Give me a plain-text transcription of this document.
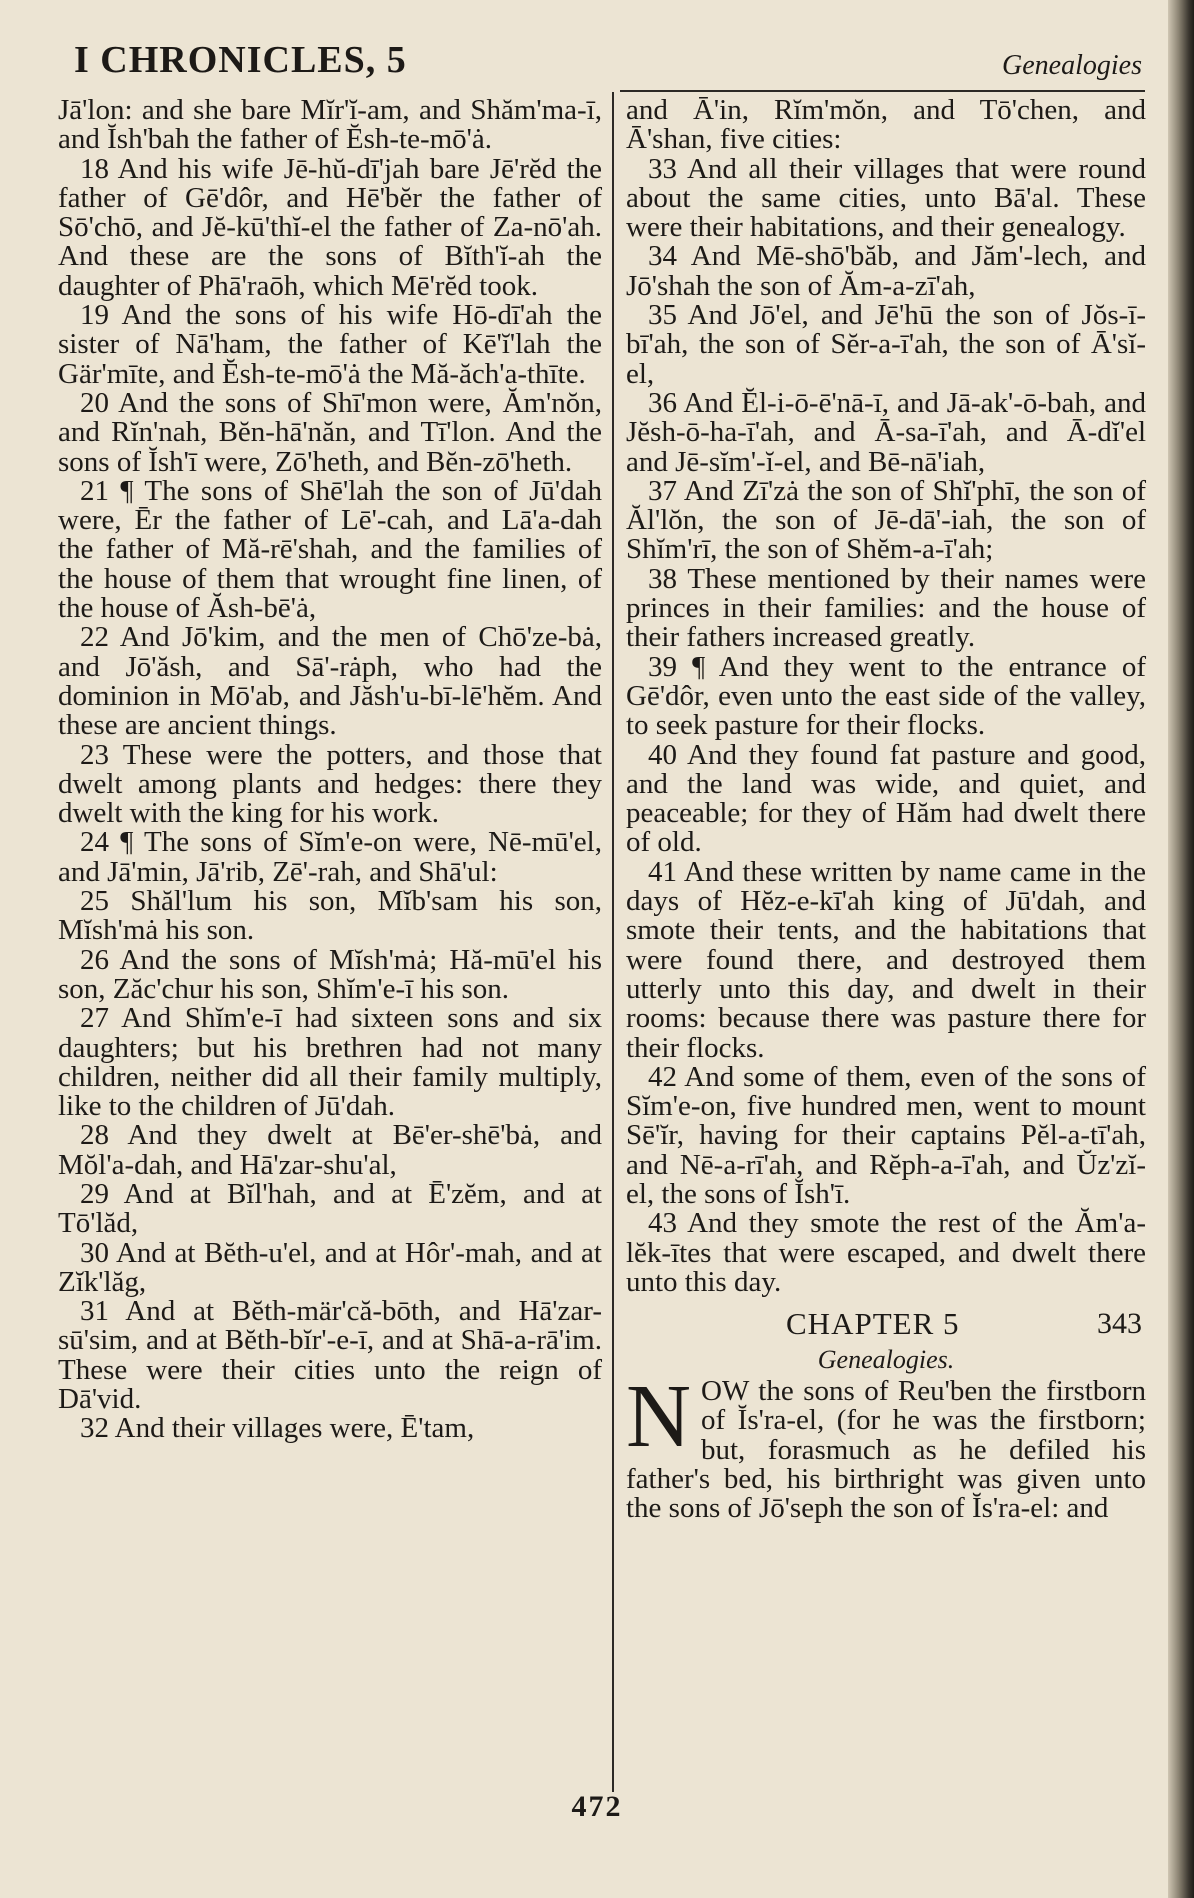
I CHRONICLES, 5	Genealogies

Jā'lon: and she bare Mĭr'ĭ-am, and Shăm'ma-ī, and Ĭsh'bah the father of Ĕsh-te-mō'ȧ.

18 And his wife Jē-hŭ-dī'jah bare Jē'rĕd the father of Gē'dôr, and Hē'bĕr the father of Sō'chō, and Jĕ-kū'thĭ-el the father of Za-nō'ah. And these are the sons of Bĭth'ĭ-ah the daughter of Phā'raōh, which Mē'rĕd took.

19 And the sons of his wife Hō-dī'ah the sister of Nā'ham, the father of Kē'ĭ'lah the Gär'mīte, and Ĕsh-te-mō'ȧ the Mă-ăch'a-thīte.

20 And the sons of Shī'mon were, Ăm'nŏn, and Rĭn'nah, Bĕn-hā'năn, and Tī'lon. And the sons of Ĭsh'ī were, Zō'heth, and Bĕn-zō'heth.

21 ¶ The sons of Shē'lah the son of Jū'dah were, Ēr the father of Lē'-cah, and Lā'a-dah the father of Mă-rē'shah, and the families of the house of them that wrought fine linen, of the house of Ăsh-bē'ȧ,

22 And Jō'kim, and the men of Chō'ze-bȧ, and Jō'ăsh, and Sā'-rȧph, who had the dominion in Mō'ab, and Jăsh'u-bī-lē'hĕm. And these are ancient things.

23 These were the potters, and those that dwelt among plants and hedges: there they dwelt with the king for his work.

24 ¶ The sons of Sĭm'e-on were, Nē-mū'el, and Jā'min, Jā'rib, Zē'-rah, and Shā'ul:

25 Shăl'lum his son, Mĭb'sam his son, Mĭsh'mȧ his son.

26 And the sons of Mĭsh'mȧ; Hă-mū'el his son, Zăc'chur his son, Shĭm'e-ī his son.

27 And Shĭm'e-ī had sixteen sons and six daughters; but his brethren had not many children, neither did all their family multiply, like to the children of Jū'dah.

28 And they dwelt at Bē'er-shē'bȧ, and Mŏl'a-dah, and Hā'zar-shu'al,

29 And at Bĭl'hah, and at Ē'zĕm, and at Tō'lăd,

30 And at Bĕth-u'el, and at Hôr'-mah, and at Zĭk'lăg,

31 And at Bĕth-mär'că-bōth, and Hā'zar-sū'sim, and at Bĕth-bĭr'-e-ī, and at Shā-a-rā'im. These were their cities unto the reign of Dā'vid.

32 And their villages were, Ē'tam,

and Ā'in, Rĭm'mŏn, and Tō'chen, and Ā'shan, five cities:

33 And all their villages that were round about the same cities, unto Bā'al. These were their habitations, and their genealogy.

34 And Mē-shō'băb, and Jăm'-lech, and Jō'shah the son of Ăm-a-zī'ah,

35 And Jō'el, and Jē'hū the son of Jŏs-ī-bī'ah, the son of Sĕr-a-ī'ah, the son of Ā'sĭ-el,

36 And Ĕl-i-ō-ē'nā-ī, and Jā-ak'-ō-bah, and Jĕsh-ō-ha-ī'ah, and Ā-sa-ī'ah, and Ā-dĭ'el and Jē-sĭm'-ĭ-el, and Bē-nā'iah,

37 And Zī'zȧ the son of Shĭ'phī, the son of Ăl'lŏn, the son of Jē-dā'-iah, the son of Shĭm'rī, the son of Shĕm-a-ī'ah;

38 These mentioned by their names were princes in their families: and the house of their fathers increased greatly.

39 ¶ And they went to the entrance of Gē'dôr, even unto the east side of the valley, to seek pasture for their flocks.

40 And they found fat pasture and good, and the land was wide, and quiet, and peaceable; for they of Hăm had dwelt there of old.

41 And these written by name came in the days of Hĕz-e-kī'ah king of Jū'dah, and smote their tents, and the habitations that were found there, and destroyed them utterly unto this day, and dwelt in their rooms: because there was pasture there for their flocks.

42 And some of them, even of the sons of Sĭm'e-on, five hundred men, went to mount Sē'ĭr, having for their captains Pĕl-a-tī'ah, and Nē-a-rī'ah, and Rĕph-a-ī'ah, and Ŭz'zĭ-el, the sons of Ĭsh'ī.

43 And they smote the rest of the Ăm'a-lĕk-ītes that were escaped, and dwelt there unto this day.

CHAPTER 5	343
Genealogies.

N OW the sons of Reu'ben the firstborn of Ĭs'ra-el, (for he was the firstborn; but, forasmuch as he defiled his father's bed, his birthright was given unto the sons of Jō'seph the son of Ĭs'ra-el: and

472
